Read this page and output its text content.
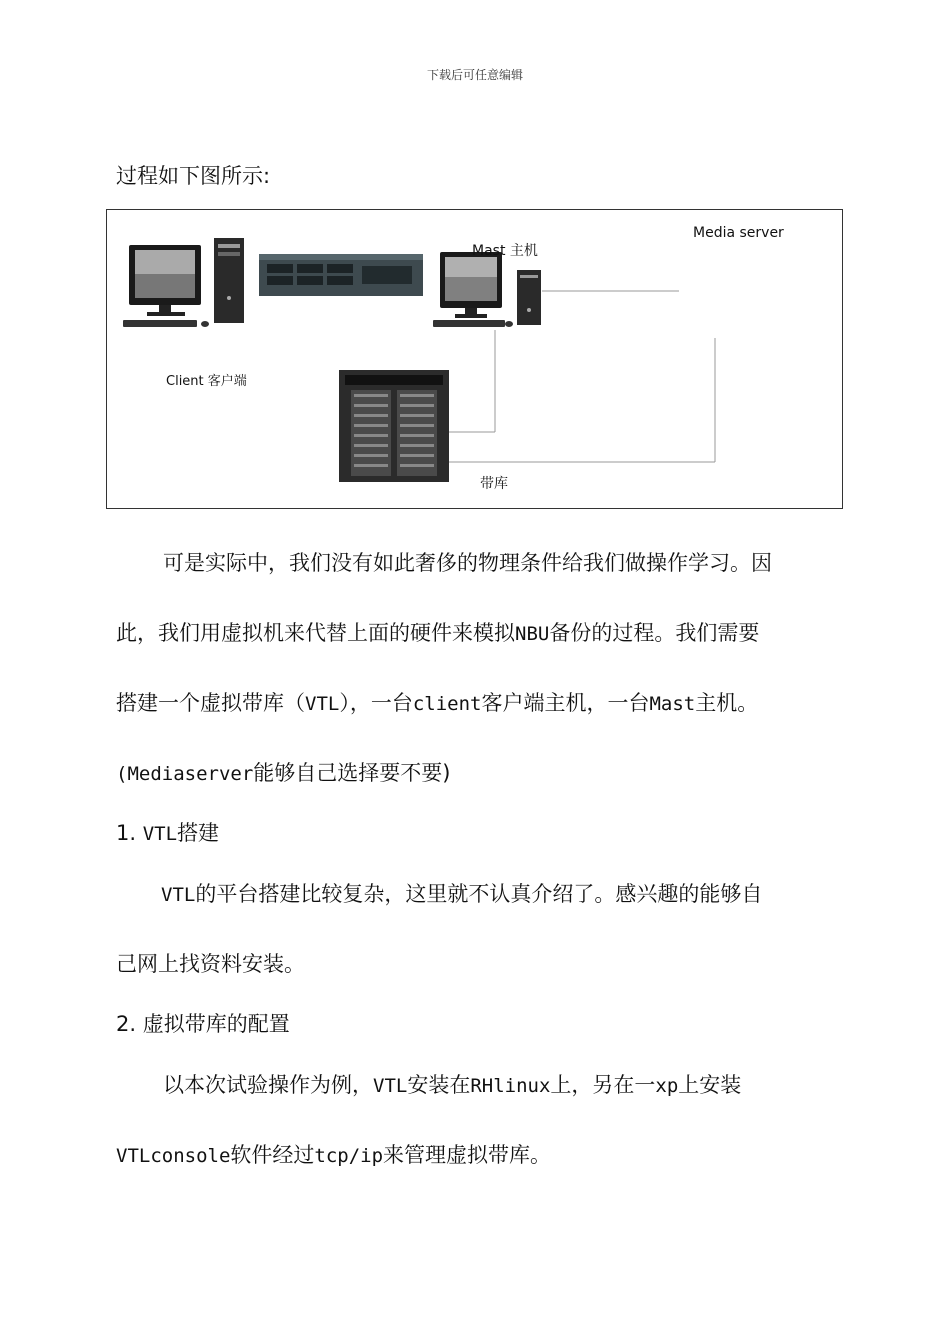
下载后可任意编辑
过程如下图所示:
Media server
Mast 主机
Client 客户端
带库
可是实际中，我们没有如此奢侈的物理条件给我们做操作学习。因
此，我们用虚拟机来代替上面的硬件来模拟NBU备份的过程。我们需要
搭建一个虚拟带库（VTL），一台client客户端主机，一台Mast主机。
(Mediaserver能够自己选择要不要)
1. VTL搭建
VTL的平台搭建比较复杂，这里就不认真介绍了。感兴趣的能够自
己网上找资料安装。
2. 虚拟带库的配置
以本次试验操作为例，VTL安装在RHlinux上，另在一xp上安装
VTLconsole软件经过tcp/ip来管理虚拟带库。
